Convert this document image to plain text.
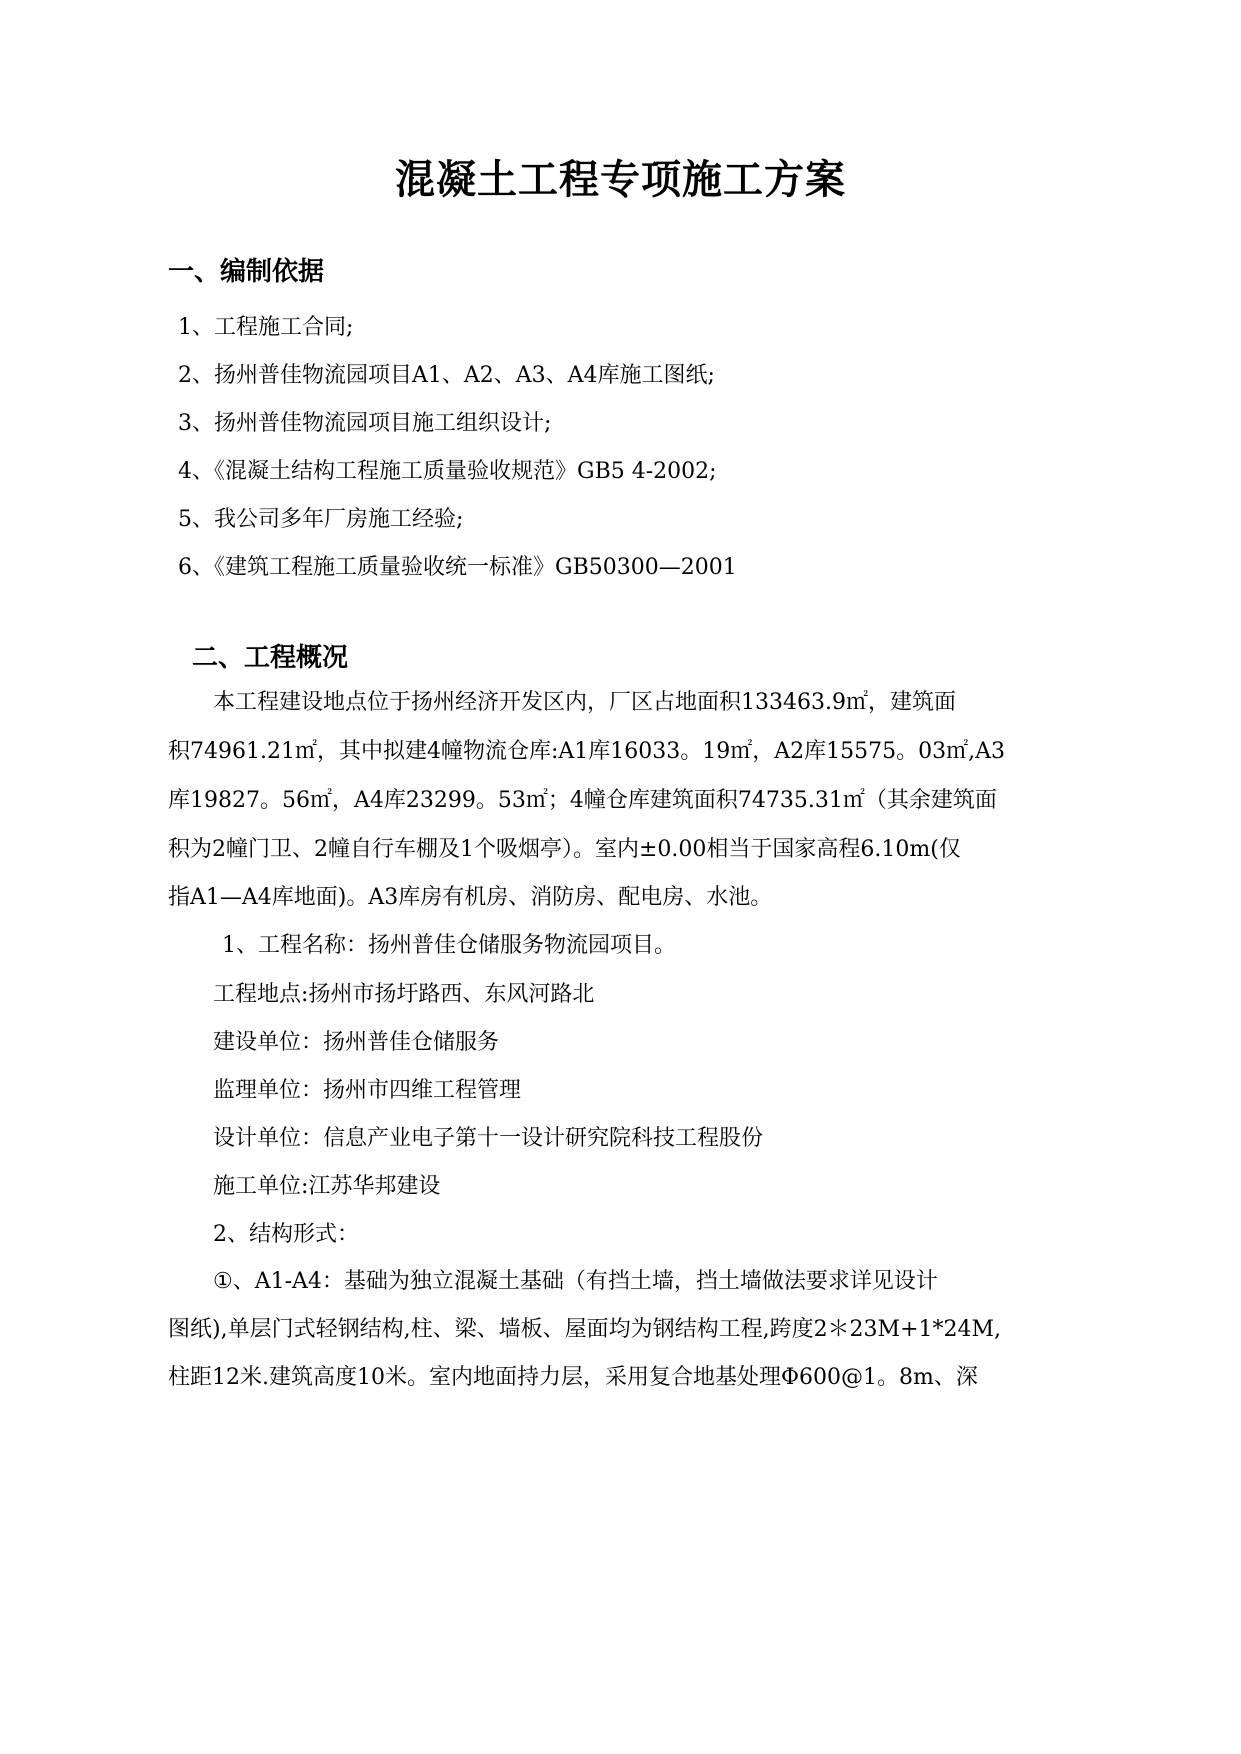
混凝土工程专项施工方案
一、编制依据
1、工程施工合同;
2、扬州普佳物流园项目A1、A2、A3、A4库施工图纸;
3、扬州普佳物流园项目施工组织设计;
4、《混凝土结构工程施工质量验收规范》GB5 4-2002;
5、我公司多年厂房施工经验;
6、《建筑工程施工质量验收统一标准》GB50300—2001
二、工程概况
本工程建设地点位于扬州经济开发区内，厂区占地面积133463.9㎡，建筑面
积74961.21㎡，其中拟建4幢物流仓库:A1库16033。19㎡，A2库15575。03㎡,A3
库19827。56㎡，A4库23299。53㎡；4幢仓库建筑面积74735.31㎡（其余建筑面
积为2幢门卫、2幢自行车棚及1个吸烟亭）。室内±0.00相当于国家高程6.10m(仅
指A1—A4库地面)。A3库房有机房、消防房、配电房、水池。
1、工程名称：扬州普佳仓储服务物流园项目。
工程地点:扬州市扬圩路西、东风河路北
建设单位：扬州普佳仓储服务
监理单位：扬州市四维工程管理
设计单位：信息产业电子第十一设计研究院科技工程股份
施工单位:江苏华邦建设
2、结构形式：
①、A1-A4：基础为独立混凝土基础（有挡土墙，挡土墙做法要求详见设计
图纸),单层门式轻钢结构,柱、梁、墙板、屋面均为钢结构工程,跨度2＊23M+1*24M,
柱距12米.建筑高度10米。室内地面持力层，采用复合地基处理Φ600@1。8m、深
